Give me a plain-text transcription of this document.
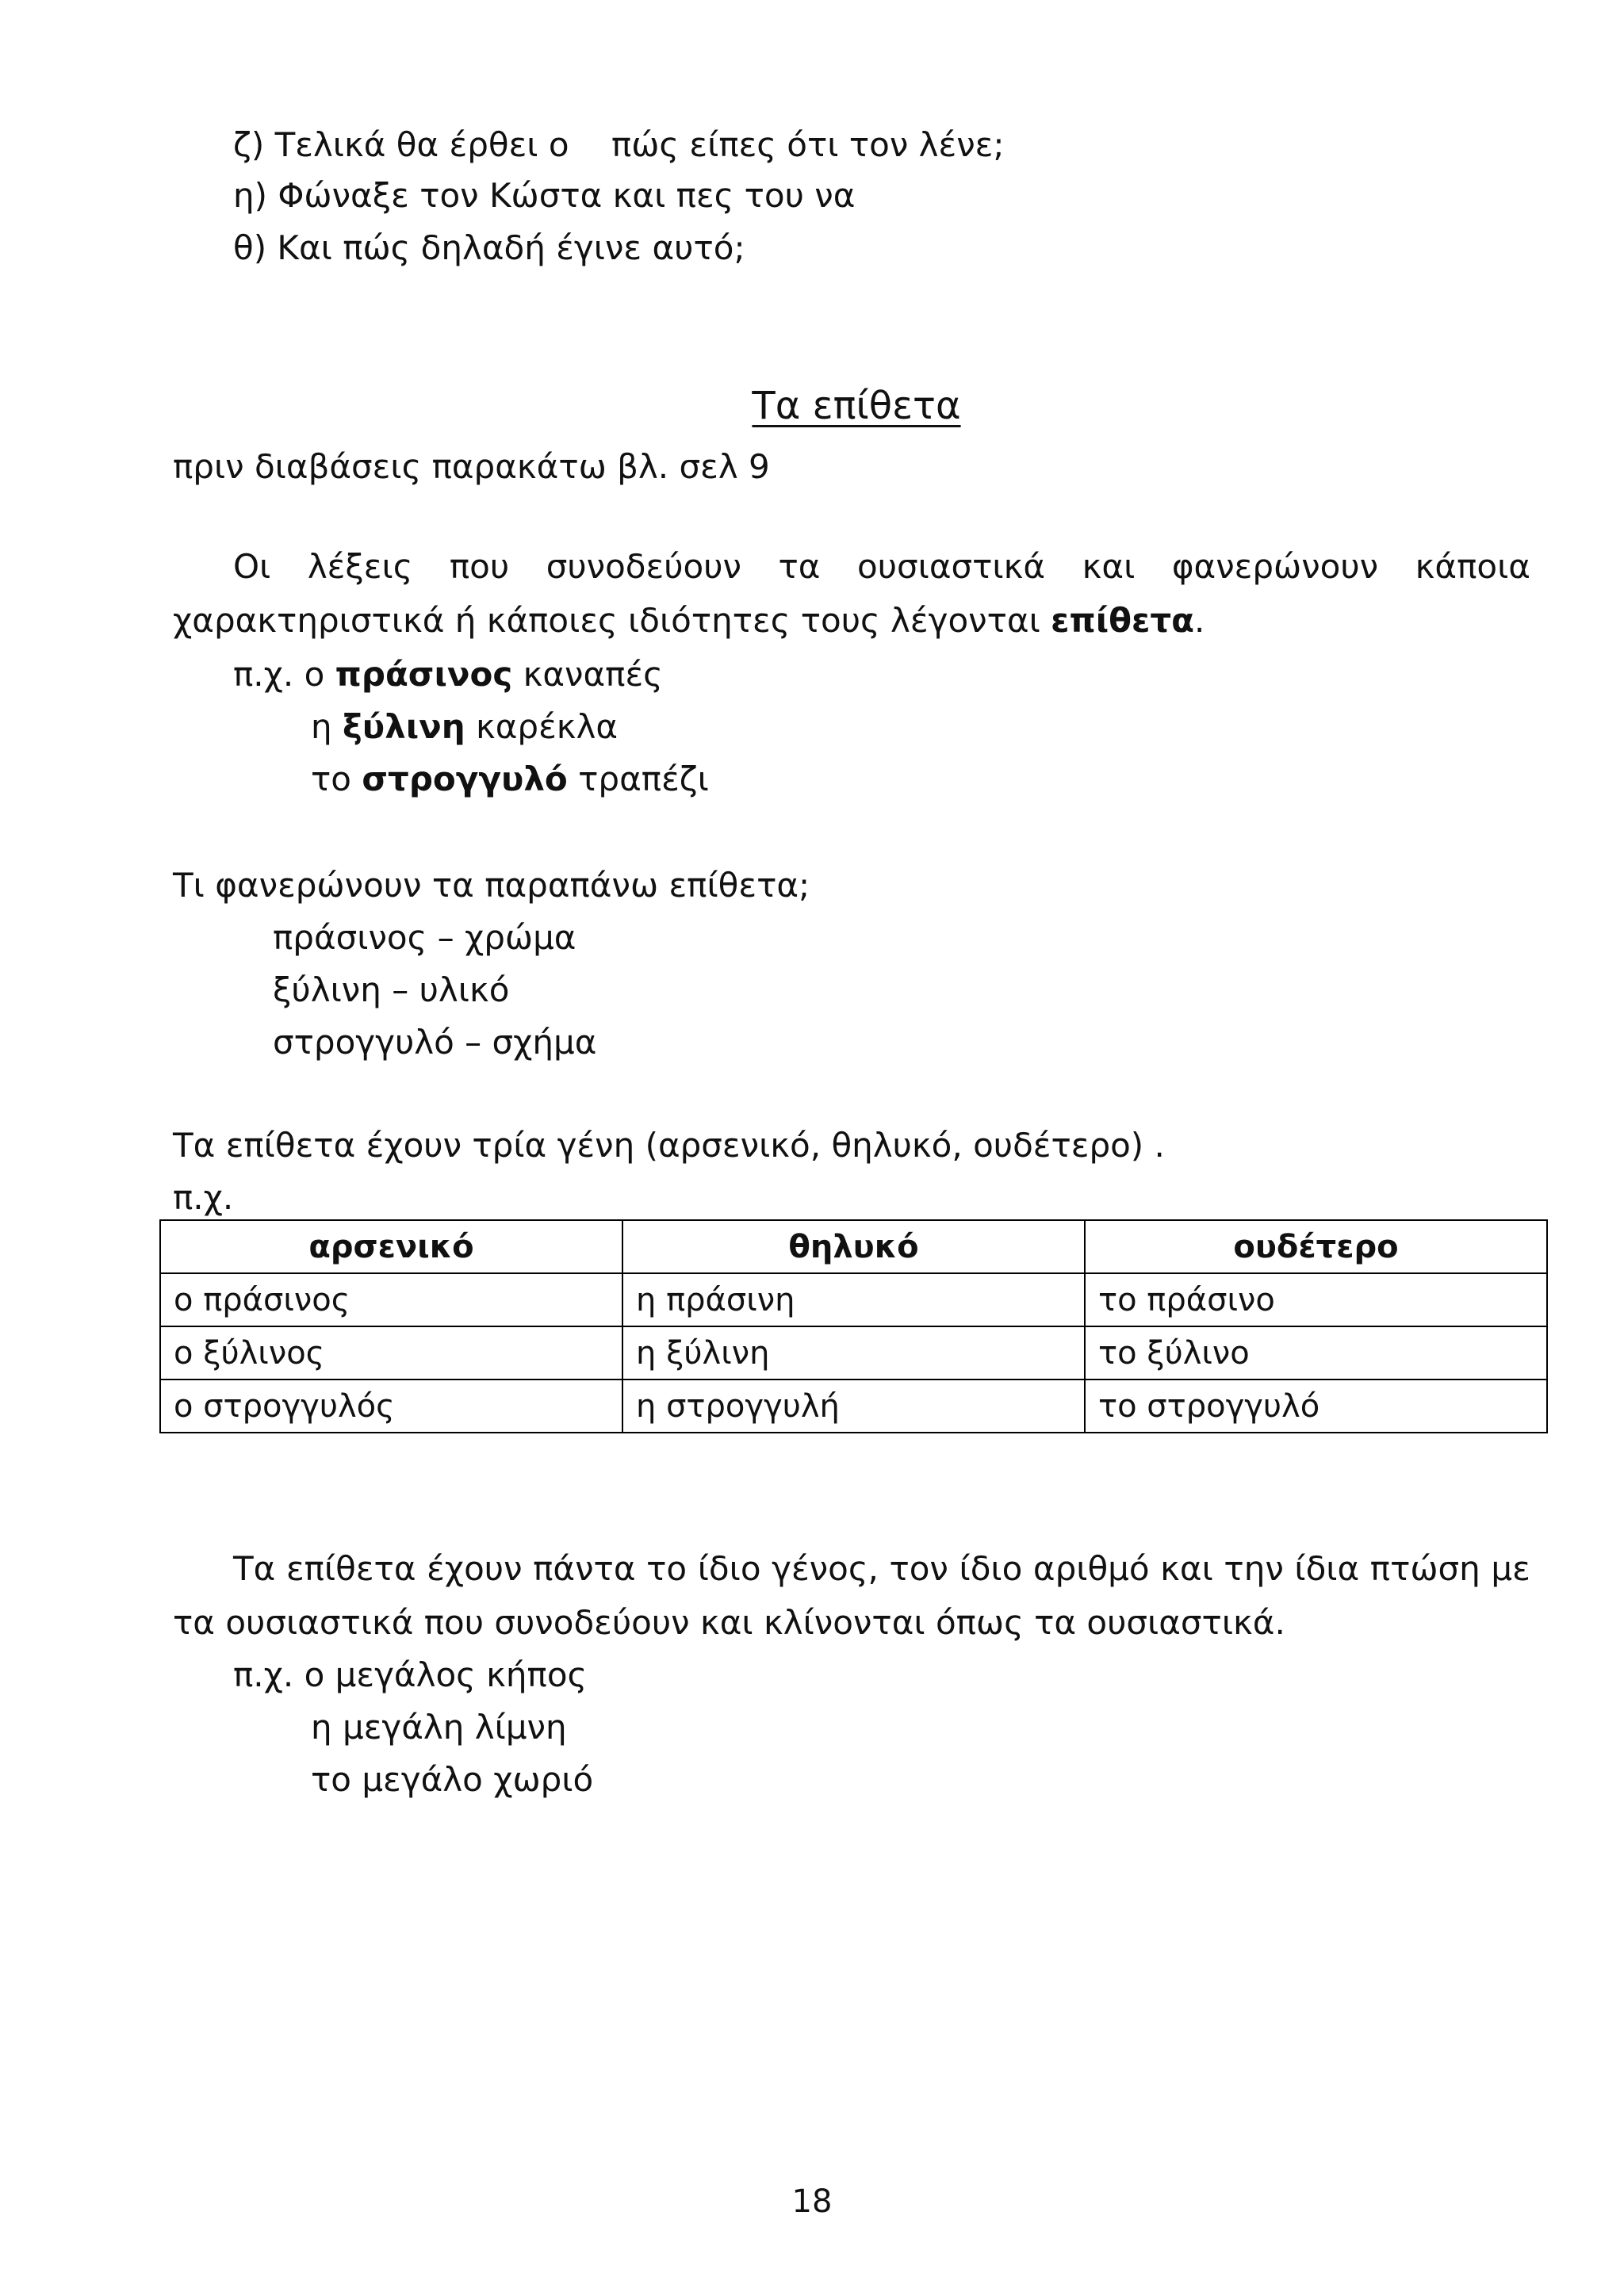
ζ) Τελικά θα έρθει ο    πώς είπες ότι τον λένε;
η) Φώναξε τον Κώστα και πες του να
θ) Και πώς δηλαδή έγινε αυτό;
Τα επίθετα
πριν διαβάσεις παρακάτω βλ. σελ 9
Οι λέξεις που συνοδεύουν τα ουσιαστικά και φανερώνουν κάποια
χαρακτηριστικά ή κάποιες ιδιότητες τους λέγονται επίθετα.
π.χ. ο πράσινος καναπές
η ξύλινη καρέκλα
το στρογγυλό τραπέζι
Τι φανερώνουν τα παραπάνω επίθετα;
πράσινος – χρώμα
ξύλινη – υλικό
στρογγυλό – σχήμα
Τα επίθετα έχουν τρία γένη (αρσενικό, θηλυκό, ουδέτερο) .
π.χ.
αρσενικό	θηλυκό	ουδέτερο
ο πράσινος	η πράσινη	το πράσινο
ο ξύλινος	η ξύλινη	το ξύλινο
ο στρογγυλός	η στρογγυλή	το στρογγυλό
Τα επίθετα έχουν πάντα το ίδιο γένος, τον ίδιο αριθμό και την ίδια πτώση με
τα ουσιαστικά που συνοδεύουν και κλίνονται όπως τα ουσιαστικά.
π.χ. ο μεγάλος κήπος
η μεγάλη λίμνη
το μεγάλο χωριό
18
